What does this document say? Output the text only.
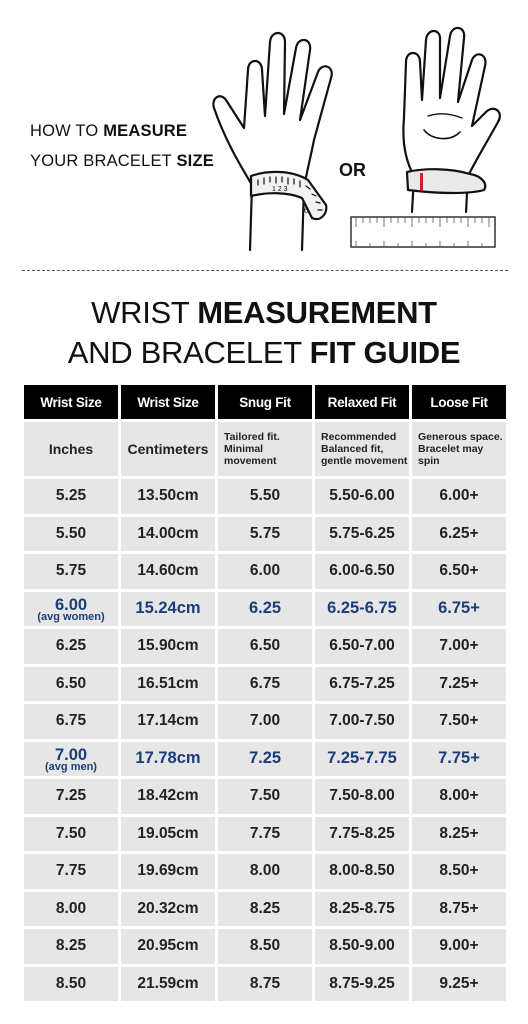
HOW TO MEASURE
YOUR BRACELET SIZE	OR
1 2 3
6
WRIST MEASUREMENT
AND BRACELET FIT GUIDE
Wrist Size	Wrist Size	Snug Fit	Relaxed Fit	Loose Fit
Inches	Centimeters	Tailored fit. Minimal movement	Recommended Balanced fit, gentle movement	Generous space. Bracelet may spin
5.25	13.50cm	5.50	5.50-6.00	6.00+
5.50	14.00cm	5.75	5.75-6.25	6.25+
5.75	14.60cm	6.00	6.00-6.50	6.50+

6.00
(avg women)	15.24cm	6.25	6.25-6.75	6.75+
6.25	15.90cm	6.50	6.50-7.00	7.00+
6.50	16.51cm	6.75	6.75-7.25	7.25+
6.75	17.14cm	7.00	7.00-7.50	7.50+

7.00
(avg men)	17.78cm	7.25	7.25-7.75	7.75+
7.25	18.42cm	7.50	7.50-8.00	8.00+
7.50	19.05cm	7.75	7.75-8.25	8.25+
7.75	19.69cm	8.00	8.00-8.50	8.50+
8.00	20.32cm	8.25	8.25-8.75	8.75+
8.25	20.95cm	8.50	8.50-9.00	9.00+
8.50	21.59cm	8.75	8.75-9.25	9.25+
